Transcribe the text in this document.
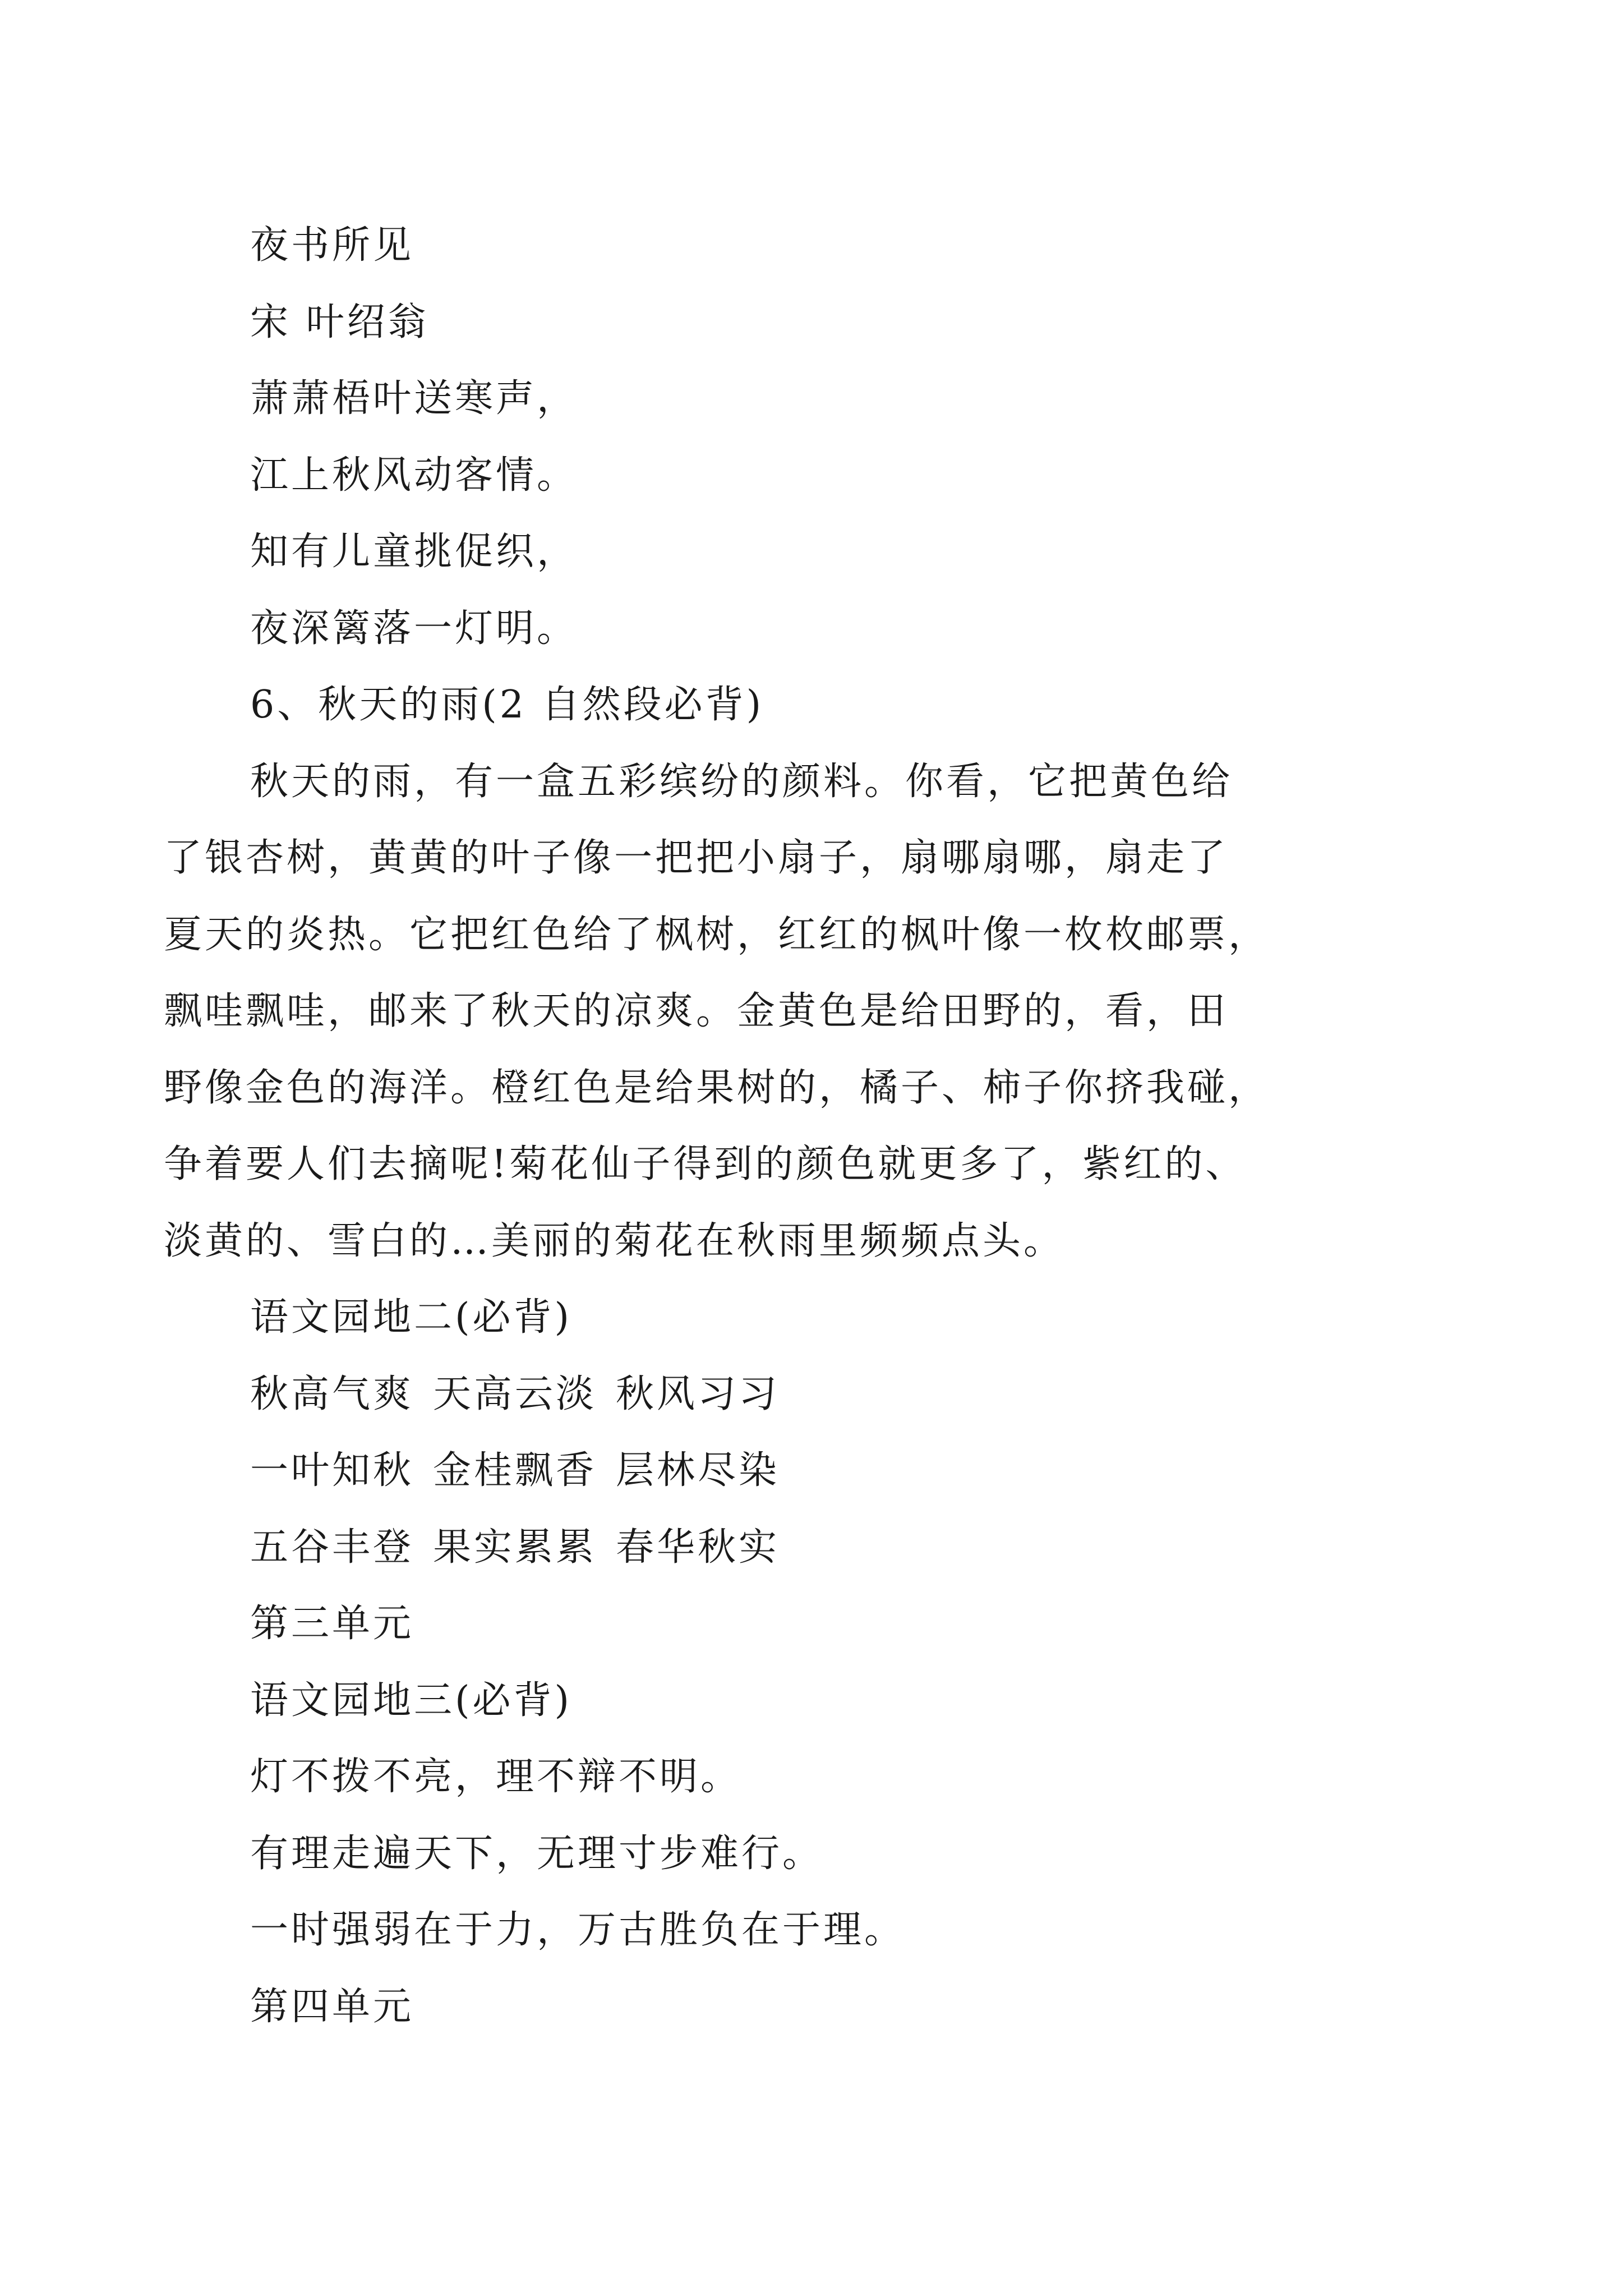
夜书所见
宋 叶绍翁
萧萧梧叶送寒声，
江上秋风动客情。
知有儿童挑促织，
夜深篱落一灯明。
6、秋天的雨(2 自然段必背)
秋天的雨，有一盒五彩缤纷的颜料。你看，它把黄色给
了银杏树，黄黄的叶子像一把把小扇子，扇哪扇哪，扇走了
夏天的炎热。它把红色给了枫树，红红的枫叶像一枚枚邮票，
飘哇飘哇，邮来了秋天的凉爽。金黄色是给田野的，看，田
野像金色的海洋。橙红色是给果树的，橘子、柿子你挤我碰，
争着要人们去摘呢!菊花仙子得到的颜色就更多了，紫红的、
淡黄的、雪白的…美丽的菊花在秋雨里频频点头。
语文园地二(必背)
秋高气爽 天高云淡 秋风习习
一叶知秋 金桂飘香 层林尽染
五谷丰登 果实累累 春华秋实
第三单元
语文园地三(必背)
灯不拨不亮，理不辩不明。
有理走遍天下，无理寸步难行。
一时强弱在于力，万古胜负在于理。
第四单元
